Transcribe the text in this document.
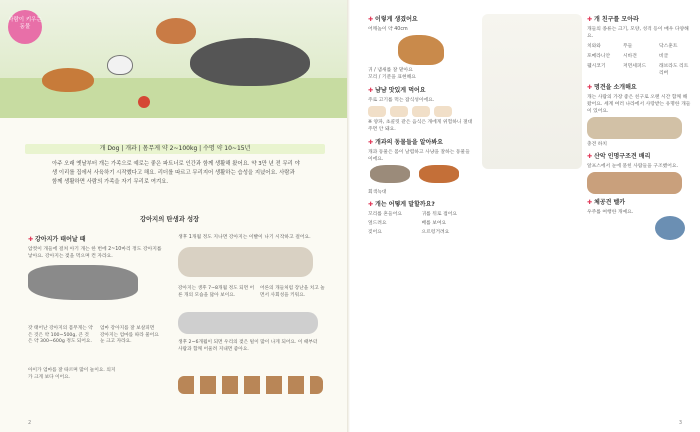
사람이 키우는 동물
개 Dog | 개과 | 몸무게 약 2~100kg | 수명 약 10~15년
아주 오래 옛날부터 개는 가족으로 예로는 좋은 파트너로 인간과 함께 생활해 왔어요. 약 3만 년 전 무리 야생 이리를 집에서 사육하기 시작했다고 해요. 리더를 따르고 무리지어 생활하는 습성을 지녔어요. 사람과 함께 생활하면 사람의 가족을 자기 무리로 여겨요.
강아지의 탄생과 성장
✚ 강아지가 태어날 때
암컷이 개들에 걸쳐 아기 개는 한 번에 2~10마리 정도 강아지를 낳아요. 강아지는 젖을 먹으며 컨 자라요.
갓 태어난 강아지의 몸무게는 약 은 것은 약 100~500g, 큰 것은 약 300~600g 정도 되어요.
엄마 강아지를 잘 보살피면 강아지는 엄마를 따라 물어요 눈 크고 자라요.
아이가 엄마를 잘 따르며 많이 놀이요. 의지가 크게 보다 이어요.
생후 1개월 정도 지나면 강아지는 이빨이 나기 시작하고 걸어요.
강아지는 생후 7~8개월 정도 되면 어른 개의 모습을 닮아 보이요.
어른의 개들처럼 장난을 치고 놀면서 사회성을 키워요.
생후 2~6개월이 되면 우리의 젖은 털이 많이 나게 되어요. 이 때부터 사람과 함께 어울려 지내면 좋아요.
2
✚ 이렇게 생겼어요
어깨높이 약 40cm
귀 / 냄새를 잘 맡아요
꼬리 / 기분을 표현해요
✚ 냠냠 맛있게 먹어요
주로 고기를 먹는 잡식성이에요.
※ 양파, 초콜릿 같은 음식은 개에게 위험하니 절대 주면 안 돼요.
✚ 개과의 동물들을 알아봐요
개과 동물은 몸이 날렵하고 사냥을 잘하는 동물들이에요.

회색늑대
✚ 개는 어떻게 말할까요?
꼬리를 흔들어요	귀를 뒤로 접어요
엎드려요	배를 보여요
짖어요	으르렁거려요
✚ 개 친구를 모아라
개들의 종류는 크기, 모양, 성격 등이 매우 다양해요.
치와와	푸들	닥스훈트
포메라니안	시바견	비글
웰시코기	저먼셰퍼드	래브라도 리트리버
✚ 명견을 소개해요
개는 사람의 가장 좋은 친구로 오랜 시간 함께 해 왔어요. 세계 여러 나라에서 사랑받는 유명한 개들이 있어요.
충견 하치
✚ 산악 인명구조견 배리
알프스에서 눈에 묻힌 사람들을 구조했어요.
✚ 체공견 벨카
우주를 여행한 개예요.
3
